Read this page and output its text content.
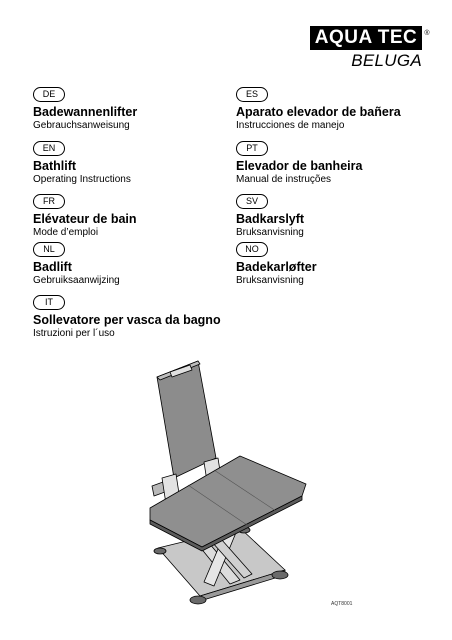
AQUA TEC ®
BELUGA
DE
Badewannenlifter
Gebrauchsanweisung
EN
Bathlift
Operating Instructions
FR
Elévateur de bain
Mode d’emploi
NL
Badlift
Gebruiksaanwijzing
IT
Sollevatore per vasca da bagno
Istruzioni per l´uso
ES
Aparato elevador de bañera
Instrucciones de manejo
PT
Elevador de banheira
Manual de instruções
SV
Badkarslyft
Bruksanvisning
NO
Badekarløfter
Bruksanvisning
AQT8001
